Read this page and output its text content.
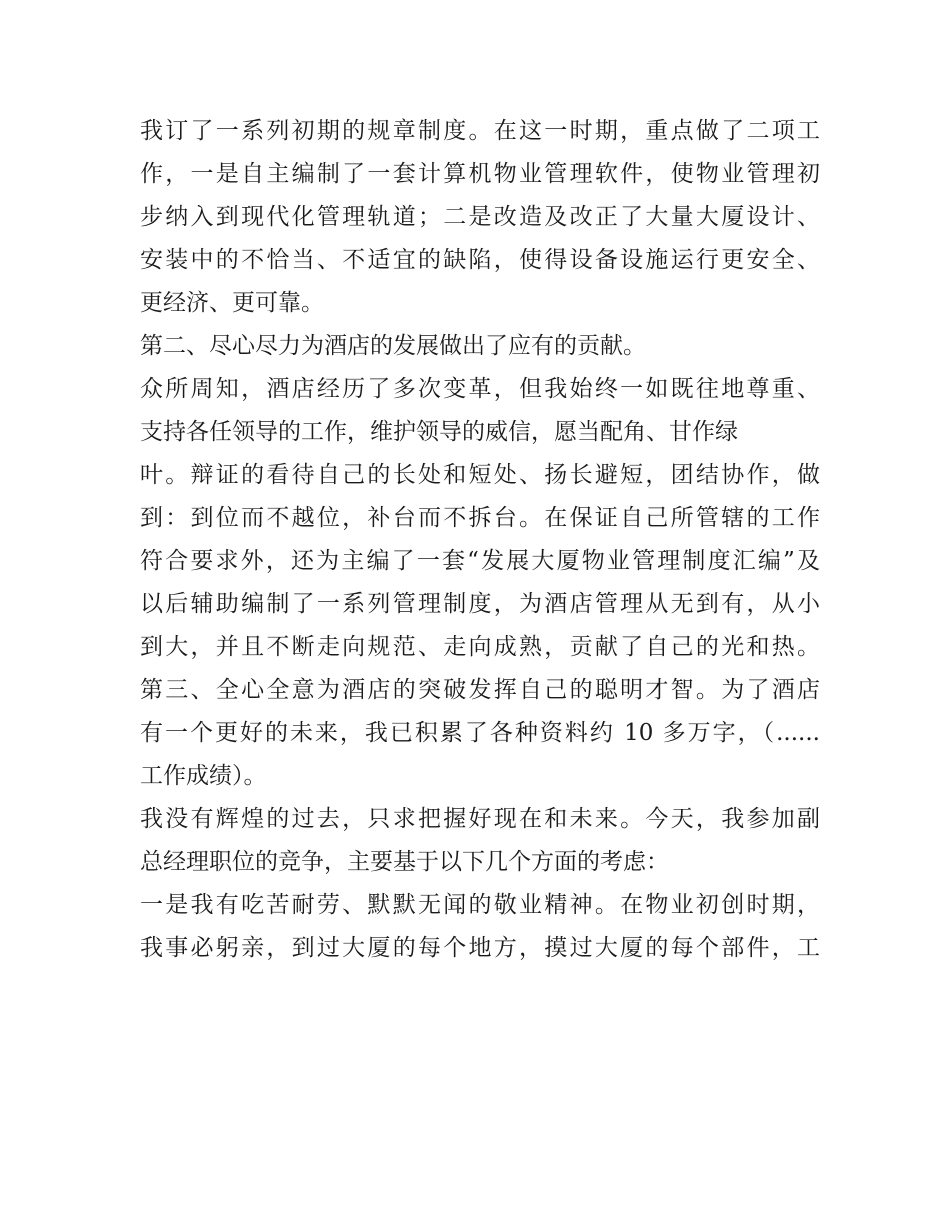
我订了一系列初期的规章制度。在这一时期，重点做了二项工
作，一是自主编制了一套计算机物业管理软件，使物业管理初
步纳入到现代化管理轨道；二是改造及改正了大量大厦设计、
安装中的不恰当、不适宜的缺陷，使得设备设施运行更安全、
更经济、更可靠。
第二、尽心尽力为酒店的发展做出了应有的贡献。
众所周知，酒店经历了多次变革，但我始终一如既往地尊重、
支持各任领导的工作，维护领导的威信，愿当配角、甘作绿
叶。辩证的看待自己的长处和短处、扬长避短，团结协作，做
到：到位而不越位，补台而不拆台。在保证自己所管辖的工作
符合要求外，还为主编了一套“发展大厦物业管理制度汇编”及
以后辅助编制了一系列管理制度，为酒店管理从无到有，从小
到大，并且不断走向规范、走向成熟，贡献了自己的光和热。
第三、全心全意为酒店的突破发挥自己的聪明才智。为了酒店
有一个更好的未来，我已积累了各种资料约 10 多万字，（......
工作成绩）。
我没有辉煌的过去，只求把握好现在和未来。今天，我参加副
总经理职位的竞争，主要基于以下几个方面的考虑：
一是我有吃苦耐劳、默默无闻的敬业精神。在物业初创时期，
我事必躬亲，到过大厦的每个地方，摸过大厦的每个部件，工
